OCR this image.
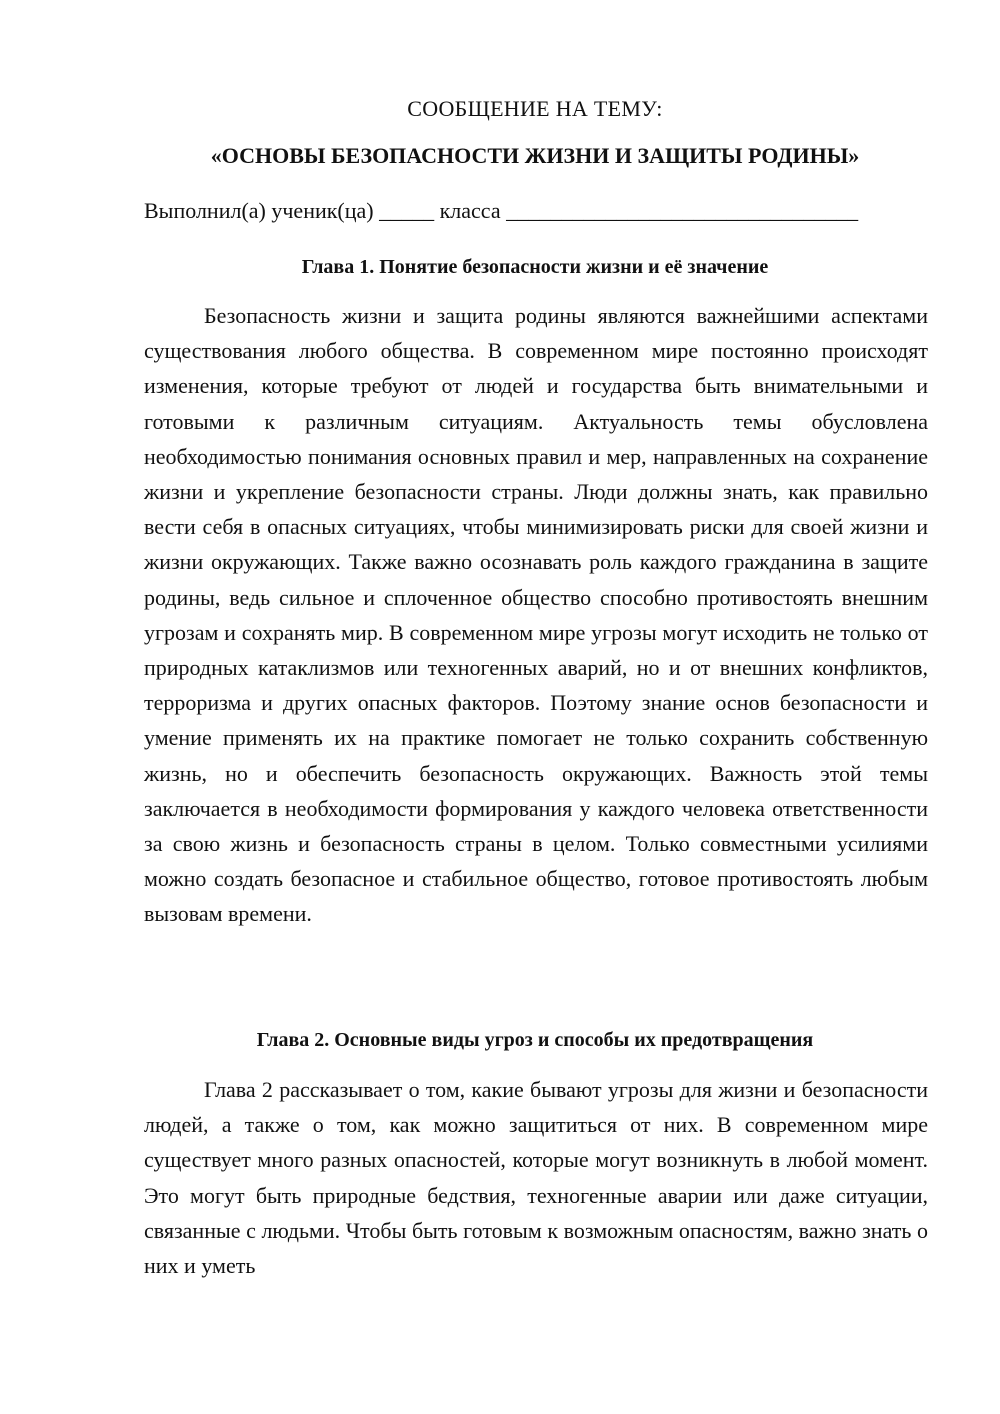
СООБЩЕНИЕ НА ТЕМУ:
«ОСНОВЫ БЕЗОПАСНОСТИ ЖИЗНИ И ЗАЩИТЫ РОДИНЫ»
Выполнил(а) ученик(ца) _____ класса ________________________________
Глава 1. Понятие безопасности жизни и её значение

Безопасность жизни и защита родины являются важнейшими аспектами существования любого общества. В современном мире постоянно происходят изменения, которые требуют от людей и государства быть внимательными и готовыми к различным ситуациям. Актуальность темы обусловлена необходимостью понимания основных правил и мер, направленных на сохранение жизни и укрепление безопасности страны. Люди должны знать, как правильно вести себя в опасных ситуациях, чтобы минимизировать риски для своей жизни и жизни окружающих. Также важно осознавать роль каждого гражданина в защите родины, ведь сильное и сплоченное общество способно противостоять внешним угрозам и сохранять мир. В современном мире угрозы могут исходить не только от природных катаклизмов или техногенных аварий, но и от внешних конфликтов, терроризма и других опасных факторов. Поэтому знание основ безопасности и умение применять их на практике помогает не только сохранить собственную жизнь, но и обеспечить безопасность окружающих. Важность этой темы заключается в необходимости формирования у каждого человека ответственности за свою жизнь и безопасность страны в целом. Только совместными усилиями можно создать безопасное и стабильное общество, готовое противостоять любым вызовам времени.

Глава 2. Основные виды угроз и способы их предотвращения

Глава 2 рассказывает о том, какие бывают угрозы для жизни и безопасности людей, а также о том, как можно защититься от них. В современном мире существует много разных опасностей, которые могут возникнуть в любой момент. Это могут быть природные бедствия, техногенные аварии или даже ситуации, связанные с людьми. Чтобы быть готовым к возможным опасностям, важно знать о них и уметь
